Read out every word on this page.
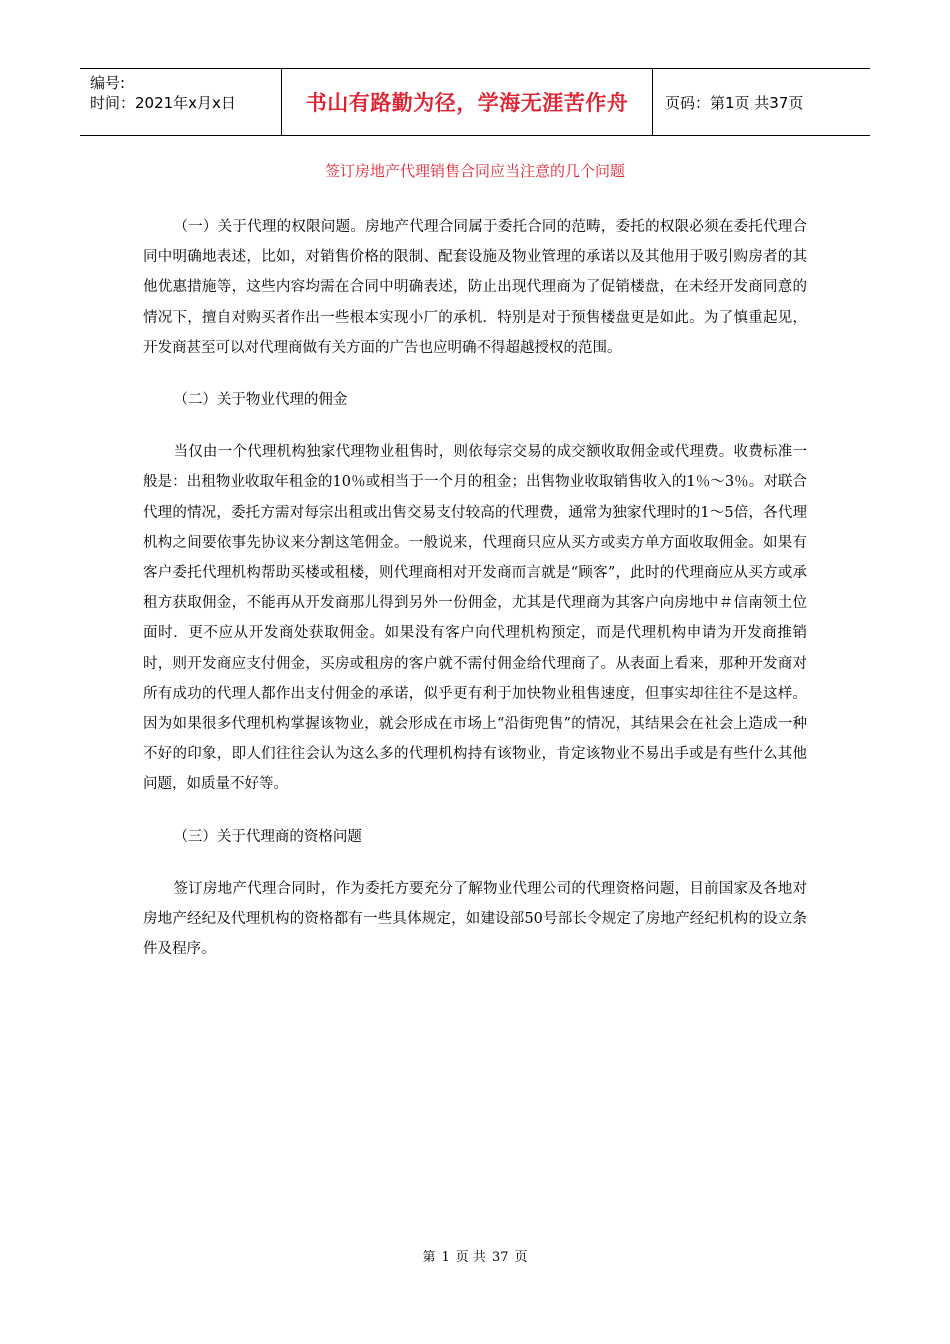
编号:
时间：2021年x月x日	书山有路勤为径，学海无涯苦作舟	页码：第1页 共37页
签订房地产代理销售合同应当注意的几个问题

（一）关于代理的权限问题。房地产代理合同属于委托合同的范畴，委托的权限必须在委托代理合同中明确地表述，比如，对销售价格的限制、配套设施及物业管理的承诺以及其他用于吸引购房者的其他优惠措施等，这些内容均需在合同中明确表述，防止出现代理商为了促销楼盘，在未经开发商同意的情况下，擅自对购买者作出一些根本实现小厂的承机．特别是对于预售楼盘更是如此。为了慎重起见，开发商甚至可以对代理商做有关方面的广告也应明确不得超越授权的范围。

（二）关于物业代理的佣金

当仅由一个代理机构独家代理物业租售时，则依每宗交易的成交额收取佣金或代理费。收费标准一般是：出租物业收取年租金的10％或相当于一个月的租金；出售物业收取销售收入的1％～3％。对联合代理的情况，委托方需对每宗出租或出售交易支付较高的代理费，通常为独家代理时的1～5倍，各代理机构之间要依事先协议来分割这笔佣金。一般说来，代理商只应从买方或卖方单方面收取佣金。如果有客户委托代理机构帮助买楼或租楼，则代理商相对开发商而言就是“顾客”，此时的代理商应从买方或承租方获取佣金，不能再从开发商那儿得到另外一份佣金，尤其是代理商为其客户向房地中＃信南领土位面时．更不应从开发商处获取佣金。如果没有客户向代理机构预定，而是代理机构申请为开发商推销时，则开发商应支付佣金，买房或租房的客户就不需付佣金给代理商了。从表面上看来，那种开发商对所有成功的代理人都作出支付佣金的承诺，似乎更有利于加快物业租售速度，但事实却往往不是这样。因为如果很多代理机构掌握该物业，就会形成在市场上“沿街兜售”的情况，其结果会在社会上造成一种不好的印象，即人们往往会认为这么多的代理机构持有该物业，肯定该物业不易出手或是有些什么其他问题，如质量不好等。

（三）关于代理商的资格问题

签订房地产代理合同时，作为委托方要充分了解物业代理公司的代理资格问题，目前国家及各地对房地产经纪及代理机构的资格都有一些具体规定，如建设部50号部长令规定了房地产经纪机构的设立条件及程序。

第 1 页 共 37 页
